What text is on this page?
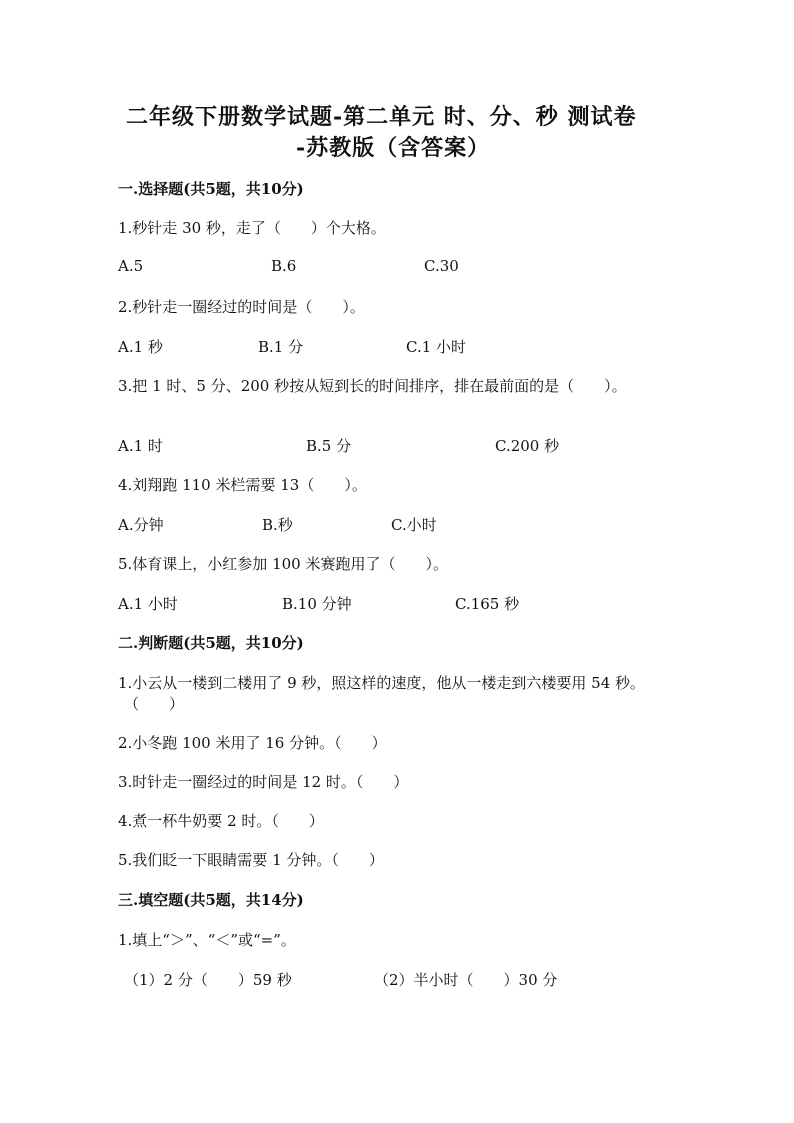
二年级下册数学试题-第二单元 时、分、秒 测试卷
-苏教版（含答案）
一.选择题(共5题，共10分)
1.秒针走 30 秒，走了（　　）个大格。
A.5	B.6	C.30
2.秒针走一圈经过的时间是（　　）。
A.1 秒	B.1 分	C.1 小时
3.把 1 时、5 分、200 秒按从短到长的时间排序，排在最前面的是（　　）。
A.1 时	B.5 分	C.200 秒
4.刘翔跑 110 米栏需要 13（　　）。
A.分钟	B.秒	C.小时
5.体育课上，小红参加 100 米赛跑用了（　　）。
A.1 小时	B.10 分钟	C.165 秒
二.判断题(共5题，共10分)
1.小云从一楼到二楼用了 9 秒，照这样的速度，他从一楼走到六楼要用 54 秒。
（　　）
2.小冬跑 100 米用了 16 分钟。（　　）
3.时针走一圈经过的时间是 12 时。（　　）
4.煮一杯牛奶要 2 时。（　　）
5.我们眨一下眼睛需要 1 分钟。（　　）
三.填空题(共5题，共14分)
1.填上“＞”、“＜”或“=”。
（1）2 分（　　）59 秒	（2）半小时（　　）30 分
